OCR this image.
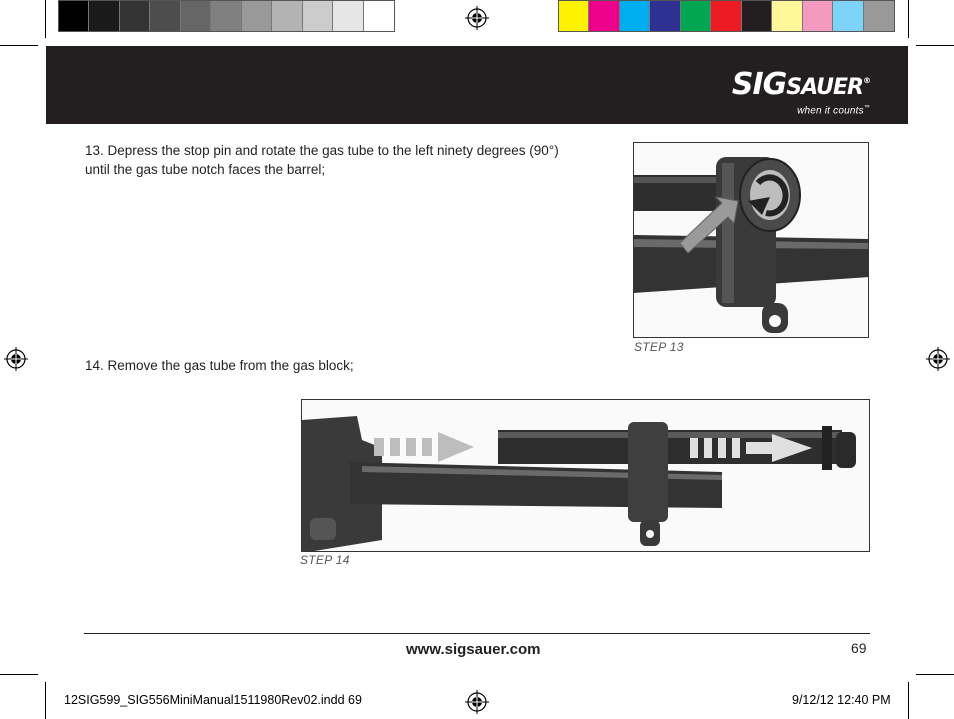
SIGSAUER®
when it counts™
13. Depress the stop pin and rotate the gas tube to the left ninety degrees (90°)
until the gas tube notch faces the barrel;
STEP 13
14. Remove the gas tube from the gas block;
STEP 14
www.sigsauer.com	69
12SIG599_SIG556MiniManual1511980Rev02.indd 69	9/12/12 12:40 PM
